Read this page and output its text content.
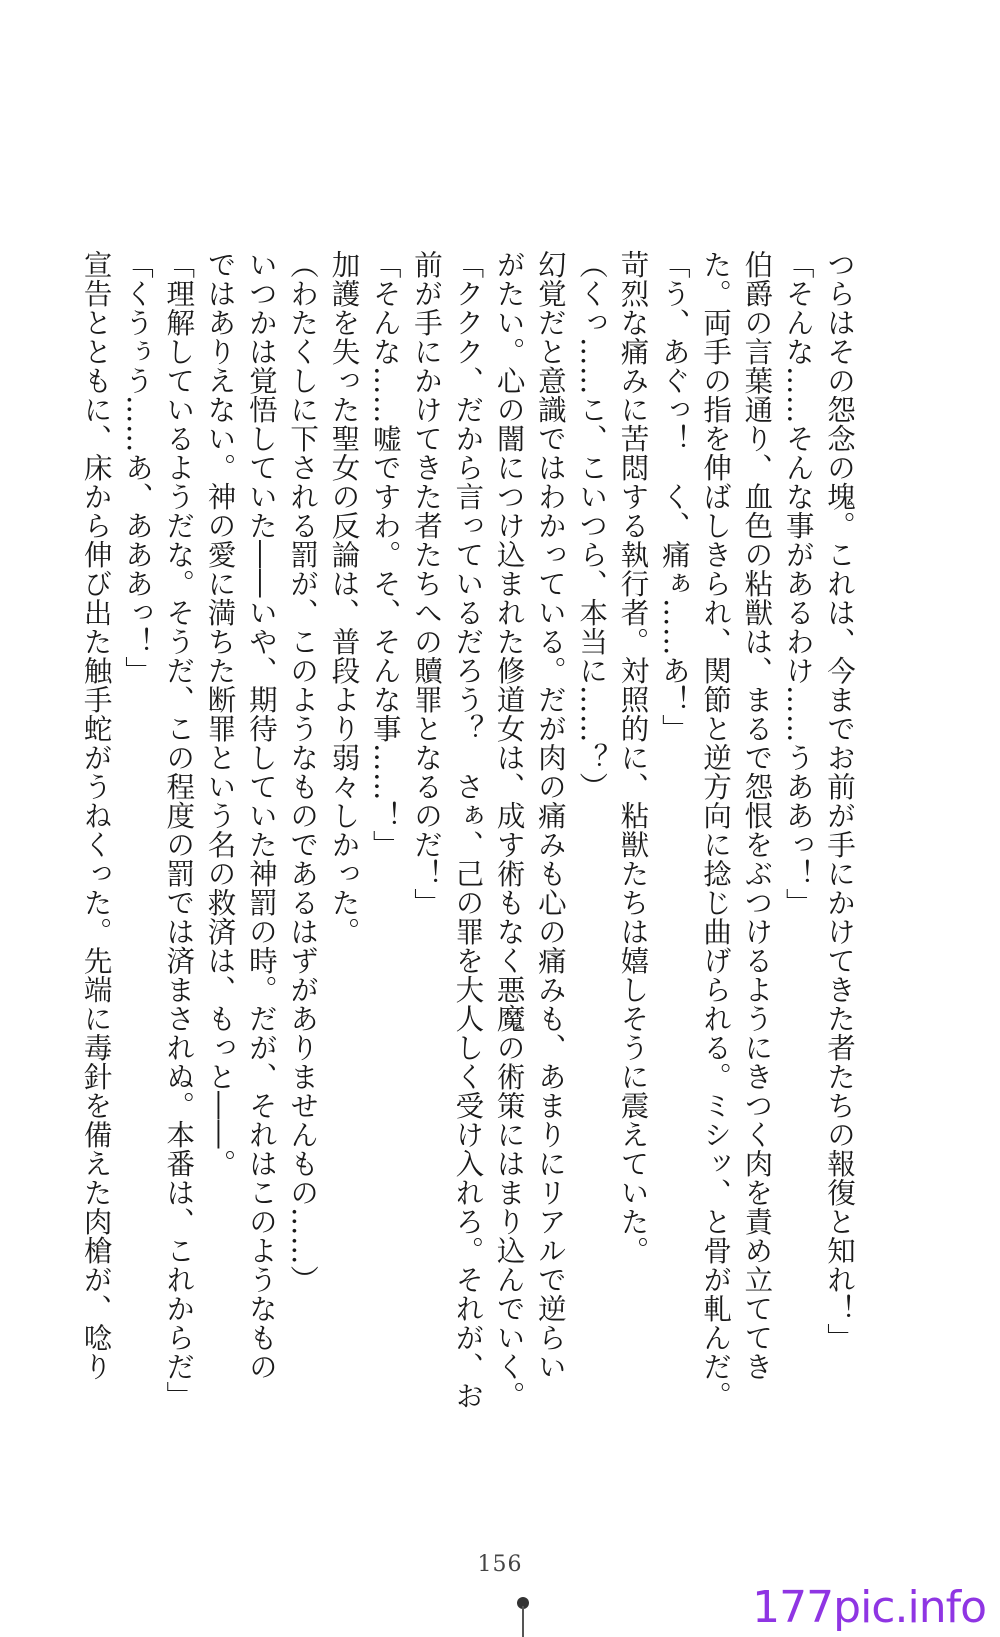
つらはその怨念の塊。これは、今までお前が手にかけてきた者たちの報復と知れ！」
「そんな……そんな事があるわけ……うああっ！」
伯爵の言葉通り、血色の粘獣は、まるで怨恨をぶつけるようにきつく肉を責め立ててき
た。両手の指を伸ばしきられ、関節と逆方向に捻じ曲げられる。ミシッ、と骨が軋んだ。
「う、あぐっ！　く、痛ぁ……あ！」
苛烈な痛みに苦悶する執行者。対照的に、粘獣たちは嬉しそうに震えていた。
（くっ……こ、こいつら、本当に……？）
幻覚だと意識ではわかっている。だが肉の痛みも心の痛みも、あまりにリアルで逆らい
がたい。心の闇につけ込まれた修道女は、成す術もなく悪魔の術策にはまり込んでいく。
「ククク、だから言っているだろう？　さぁ、己の罪を大人しく受け入れろ。それが、お
前が手にかけてきた者たちへの贖罪となるのだ！」
「そんな……嘘ですわ。そ、そんな事……！」
加護を失った聖女の反論は、普段より弱々しかった。
（わたくしに下される罰が、このようなものであるはずがありませんもの……）
いつかは覚悟していた――いや、期待していた神罰の時。だが、それはこのようなもの
ではありえない。神の愛に満ちた断罪という名の救済は、もっと――。
「理解しているようだな。そうだ、この程度の罰では済まされぬ。本番は、これからだ」
「くうぅう……あ、あああっ！」
宣告とともに、床から伸び出た触手蛇がうねくった。先端に毒針を備えた肉槍が、唸り
156
177pic.info
